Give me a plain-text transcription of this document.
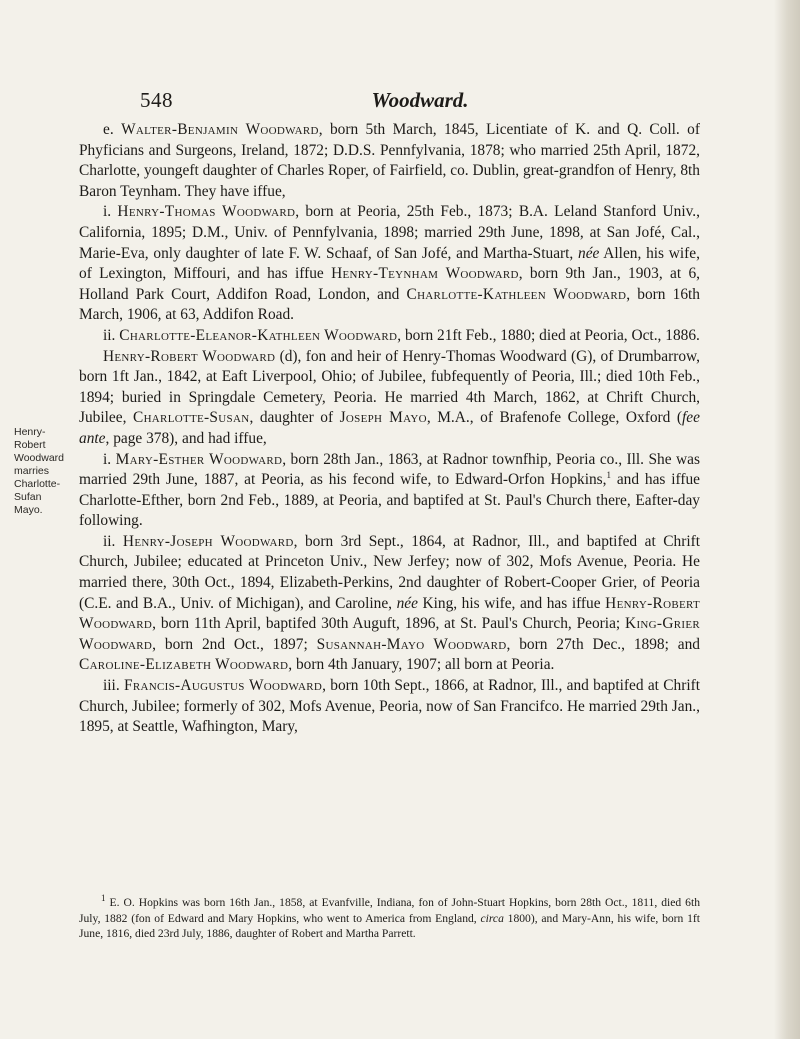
548	Woodward.
Henry-
Robert
Woodward
marries
Charlotte-
Sufan
Mayo.

e. Walter-Benjamin Woodward, born 5th March, 1845, Licentiate of K. and Q. Coll. of Phyficians and Surgeons, Ireland, 1872; D.D.S. Pennfylvania, 1878; who married 25th April, 1872, Charlotte, youngeft daughter of Charles Roper, of Fairfield, co. Dublin, great-grandfon of Henry, 8th Baron Teynham. They have iffue,

i. Henry-Thomas Woodward, born at Peoria, 25th Feb., 1873; B.A. Leland Stanford Univ., California, 1895; D.M., Univ. of Pennfylvania, 1898; married 29th June, 1898, at San Jofé, Cal., Marie-Eva, only daughter of late F. W. Schaaf, of San Jofé, and Martha-Stuart, née Allen, his wife, of Lexington, Miffouri, and has iffue Henry-Teynham Woodward, born 9th Jan., 1903, at 6, Holland Park Court, Addifon Road, London, and Charlotte-Kathleen Woodward, born 16th March, 1906, at 63, Addifon Road.

ii. Charlotte-Eleanor-Kathleen Woodward, born 21ft Feb., 1880; died at Peoria, Oct., 1886.

Henry-Robert Woodward (d), fon and heir of Henry-Thomas Woodward (G), of Drumbarrow, born 1ft Jan., 1842, at Eaft Liverpool, Ohio; of Jubilee, fubfequently of Peoria, Ill.; died 10th Feb., 1894; buried in Springdale Cemetery, Peoria. He married 4th March, 1862, at Chrift Church, Jubilee, Charlotte-Susan, daughter of Joseph Mayo, M.A., of Brafenofe College, Oxford (fee ante, page 378), and had iffue,

i. Mary-Esther Woodward, born 28th Jan., 1863, at Radnor townfhip, Peoria co., Ill. She was married 29th June, 1887, at Peoria, as his fecond wife, to Edward-Orfon Hopkins,$^1$ and has iffue Charlotte-Efther, born 2nd Feb., 1889, at Peoria, and baptifed at St. Paul's Church there, Eafter-day following.

ii. Henry-Joseph Woodward, born 3rd Sept., 1864, at Radnor, Ill., and baptifed at Chrift Church, Jubilee; educated at Princeton Univ., New Jerfey; now of 302, Mofs Avenue, Peoria. He married there, 30th Oct., 1894, Elizabeth-Perkins, 2nd daughter of Robert-Cooper Grier, of Peoria (C.E. and B.A., Univ. of Michigan), and Caroline, née King, his wife, and has iffue Henry-Robert Woodward, born 11th April, baptifed 30th Auguft, 1896, at St. Paul's Church, Peoria; King-Grier Woodward, born 2nd Oct., 1897; Susannah-Mayo Woodward, born 27th Dec., 1898; and Caroline-Elizabeth Woodward, born 4th January, 1907; all born at Peoria.

iii. Francis-Augustus Woodward, born 10th Sept., 1866, at Radnor, Ill., and baptifed at Chrift Church, Jubilee; formerly of 302, Mofs Avenue, Peoria, now of San Francifco. He married 29th Jan., 1895, at Seattle, Wafhington, Mary,

$^1$ E. O. Hopkins was born 16th Jan., 1858, at Evanfville, Indiana, fon of John-Stuart Hopkins, born 28th Oct., 1811, died 6th July, 1882 (fon of Edward and Mary Hopkins, who went to America from England, circa 1800), and Mary-Ann, his wife, born 1ft June, 1816, died 23rd July, 1886, daughter of Robert and Martha Parrett.
